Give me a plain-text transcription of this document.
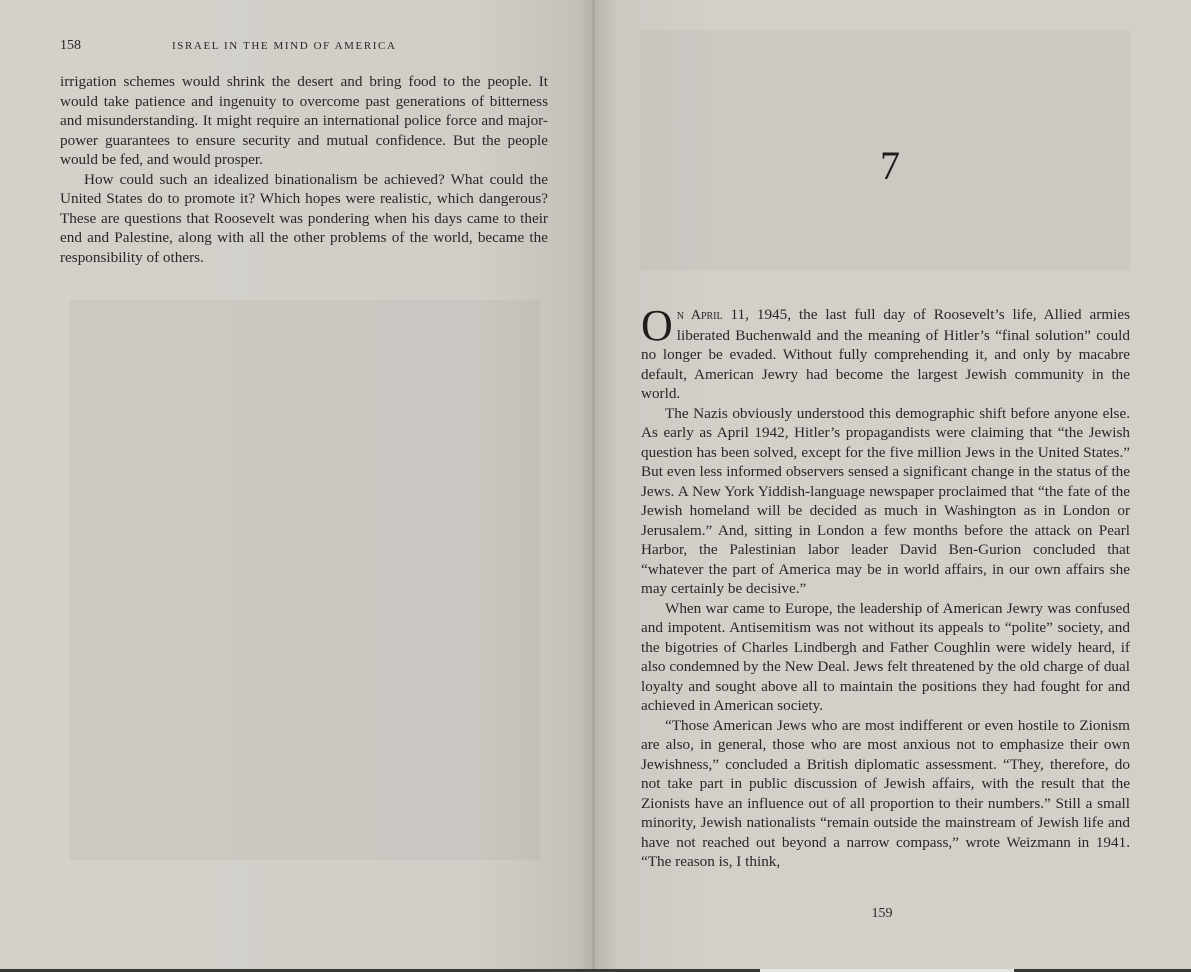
158	ISRAEL IN THE MIND OF AMERICA

irrigation schemes would shrink the desert and bring food to the people. It would take patience and ingenuity to overcome past generations of bitterness and misunderstanding. It might require an international police force and major-power guarantees to ensure security and mutual confidence. But the people would be fed, and would prosper.

How could such an idealized binationalism be achieved? What could the United States do to promote it? Which hopes were realistic, which dangerous? These are questions that Roosevelt was pondering when his days came to their end and Palestine, along with all the other problems of the world, became the responsibility of others.

7

On April 11, 1945, the last full day of Roosevelt’s life, Allied armies liberated Buchenwald and the meaning of Hitler’s “final solution” could no longer be evaded. Without fully comprehending it, and only by macabre default, American Jewry had become the largest Jewish community in the world.

The Nazis obviously understood this demographic shift before anyone else. As early as April 1942, Hitler’s propagandists were claiming that “the Jewish question has been solved, except for the five million Jews in the United States.” But even less informed observers sensed a significant change in the status of the Jews. A New York Yiddish-language newspaper proclaimed that “the fate of the Jewish homeland will be decided as much in Washington as in London or Jerusalem.” And, sitting in London a few months before the attack on Pearl Harbor, the Palestinian labor leader David Ben-Gurion concluded that “whatever the part of America may be in world affairs, in our own affairs she may certainly be decisive.”

When war came to Europe, the leadership of American Jewry was confused and impotent. Antisemitism was not without its appeals to “polite” society, and the bigotries of Charles Lindbergh and Father Coughlin were widely heard, if also condemned by the New Deal. Jews felt threatened by the old charge of dual loyalty and sought above all to maintain the positions they had fought for and achieved in American society.

“Those American Jews who are most indifferent or even hostile to Zionism are also, in general, those who are most anxious not to emphasize their own Jewishness,” concluded a British diplomatic assessment. “They, therefore, do not take part in public discussion of Jewish affairs, with the result that the Zionists have an influence out of all proportion to their numbers.” Still a small minority, Jewish nationalists “remain outside the mainstream of Jewish life and have not reached out beyond a narrow compass,” wrote Weizmann in 1941. “The reason is, I think,

159
